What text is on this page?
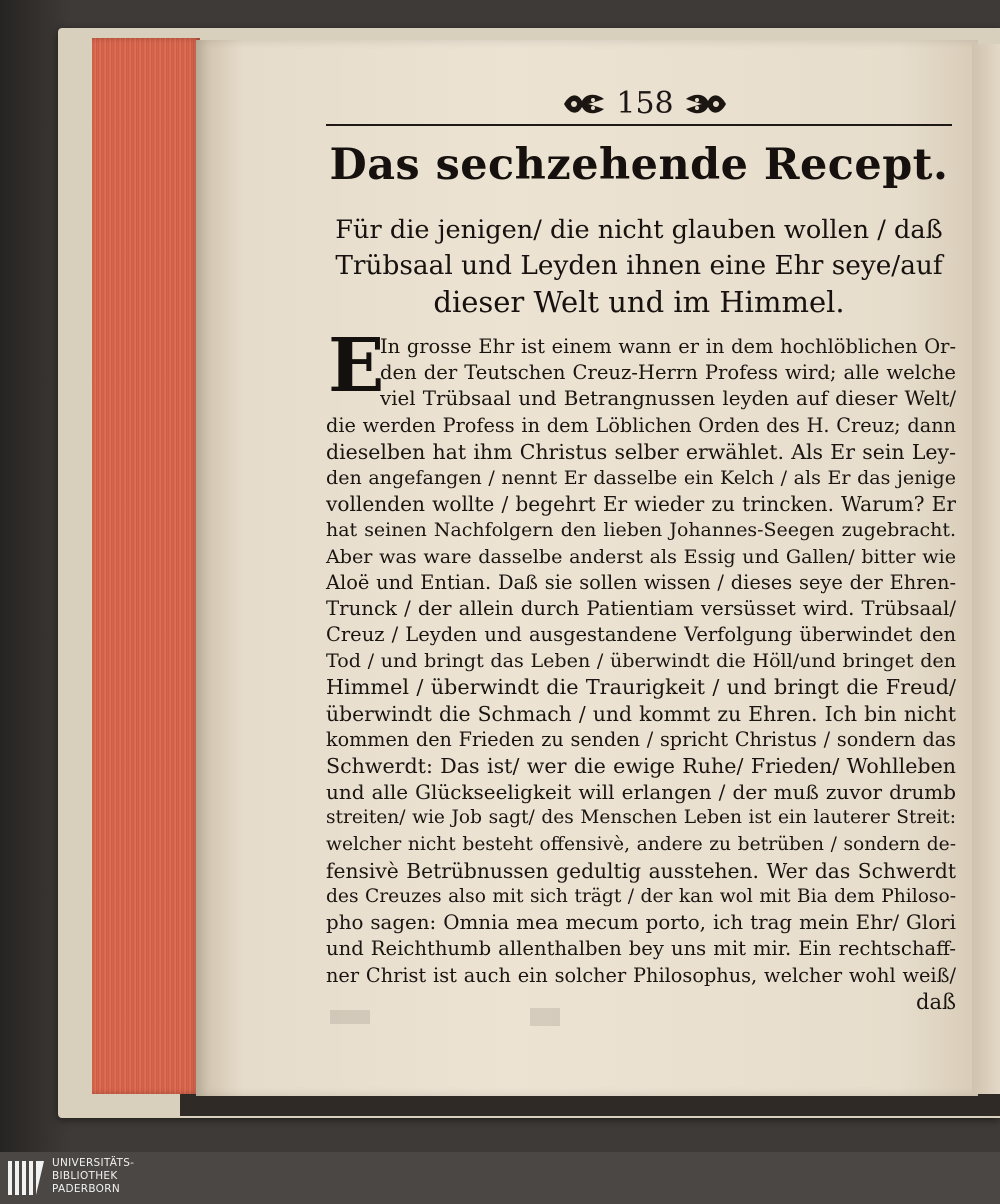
158
Das sechzehende Recept.
Für die jenigen/ die nicht glauben wollen / daß
Trübsaal und Leyden ihnen eine Ehr seye/auf
dieser Welt und im Himmel.
E
In grosse Ehr ist einem wann er in dem hochlöblichen Or-
den der Teutschen Creuz-Herrn Profess wird; alle welche
viel Trübsaal und Betrangnussen leyden auf dieser Welt/
die werden Profess in dem Löblichen Orden des H. Creuz; dann
dieselben hat ihm Christus selber erwählet. Als Er sein Ley-
den angefangen / nennt Er dasselbe ein Kelch / als Er das jenige
vollenden wollte / begehrt Er wieder zu trincken. Warum? Er
hat seinen Nachfolgern den lieben Johannes-Seegen zugebracht.
Aber was ware dasselbe anderst als Essig und Gallen/ bitter wie
Aloë und Entian. Daß sie sollen wissen / dieses seye der Ehren-
Trunck / der allein durch Patientiam versüsset wird. Trübsaal/
Creuz / Leyden und ausgestandene Verfolgung überwindet den
Tod / und bringt das Leben / überwindt die Höll/und bringet den
Himmel / überwindt die Traurigkeit / und bringt die Freud/
überwindt die Schmach / und kommt zu Ehren. Ich bin nicht
kommen den Frieden zu senden / spricht Christus / sondern das
Schwerdt: Das ist/ wer die ewige Ruhe/ Frieden/ Wohlleben
und alle Glückseeligkeit will erlangen / der muß zuvor drumb
streiten/ wie Job sagt/ des Menschen Leben ist ein lauterer Streit:
welcher nicht besteht offensivè, andere zu betrüben / sondern de-
fensivè Betrübnussen gedultig ausstehen. Wer das Schwerdt
des Creuzes also mit sich trägt / der kan wol mit Bia dem Philoso-
pho sagen: Omnia mea mecum porto, ich trag mein Ehr/ Glori
und Reichthumb allenthalben bey uns mit mir. Ein rechtschaff-
ner Christ ist auch ein solcher Philosophus, welcher wohl weiß/
daß
UNIVERSITÄTS-
BIBLIOTHEK
PADERBORN
